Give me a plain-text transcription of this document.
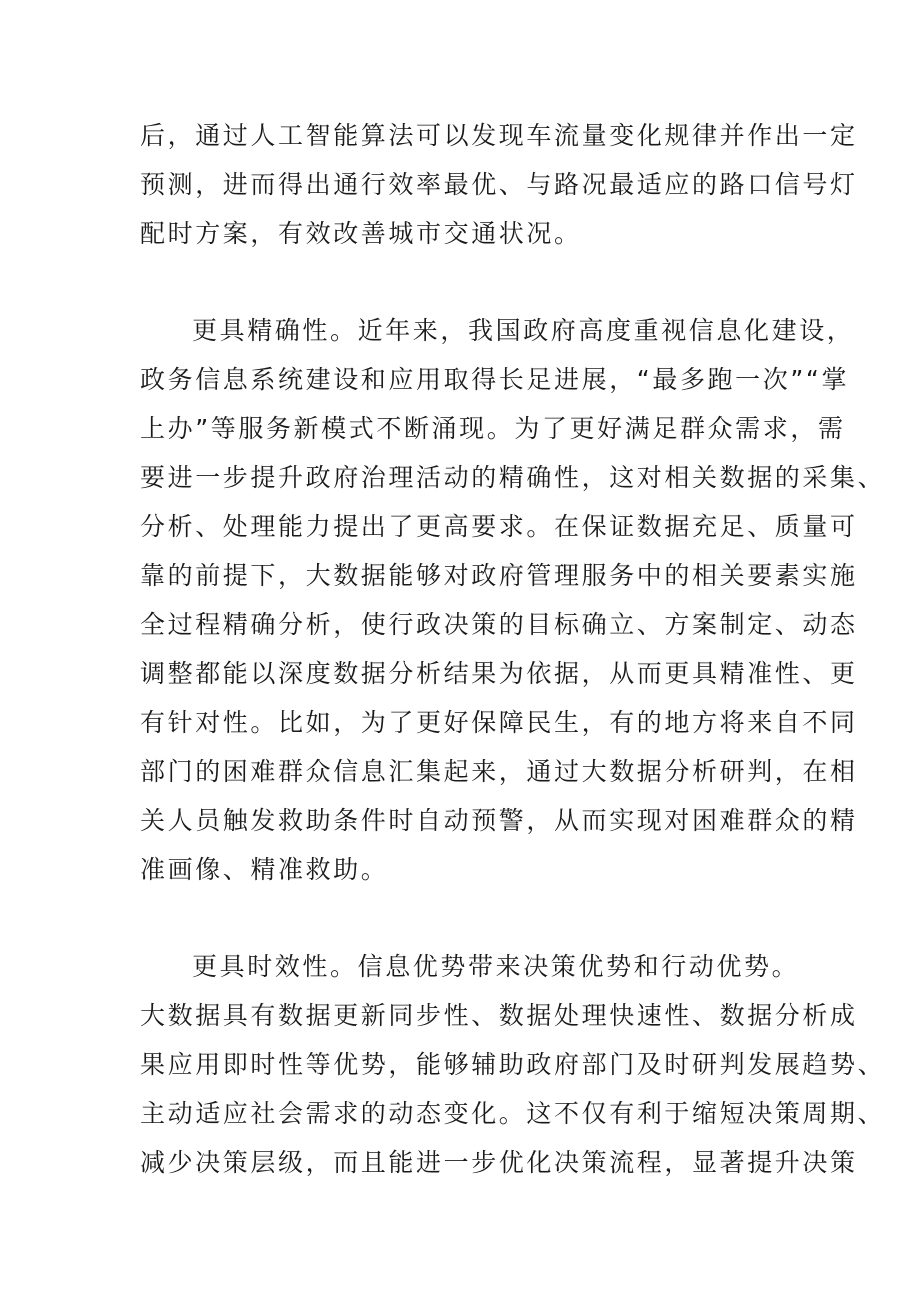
后，通过人工智能算法可以发现车流量变化规律并作出一定
预测，进而得出通行效率最优、与路况最适应的路口信号灯
配时方案，有效改善城市交通状况。
更具精确性。近年来，我国政府高度重视信息化建设，
政务信息系统建设和应用取得长足进展，“最多跑一次”“掌
上办”等服务新模式不断涌现。为了更好满足群众需求，需
要进一步提升政府治理活动的精确性，这对相关数据的采集、
分析、处理能力提出了更高要求。在保证数据充足、质量可
靠的前提下，大数据能够对政府管理服务中的相关要素实施
全过程精确分析，使行政决策的目标确立、方案制定、动态
调整都能以深度数据分析结果为依据，从而更具精准性、更
有针对性。比如，为了更好保障民生，有的地方将来自不同
部门的困难群众信息汇集起来，通过大数据分析研判，在相
关人员触发救助条件时自动预警，从而实现对困难群众的精
准画像、精准救助。
更具时效性。信息优势带来决策优势和行动优势。
大数据具有数据更新同步性、数据处理快速性、数据分析成
果应用即时性等优势，能够辅助政府部门及时研判发展趋势、
主动适应社会需求的动态变化。这不仅有利于缩短决策周期、
减少决策层级，而且能进一步优化决策流程，显著提升决策
